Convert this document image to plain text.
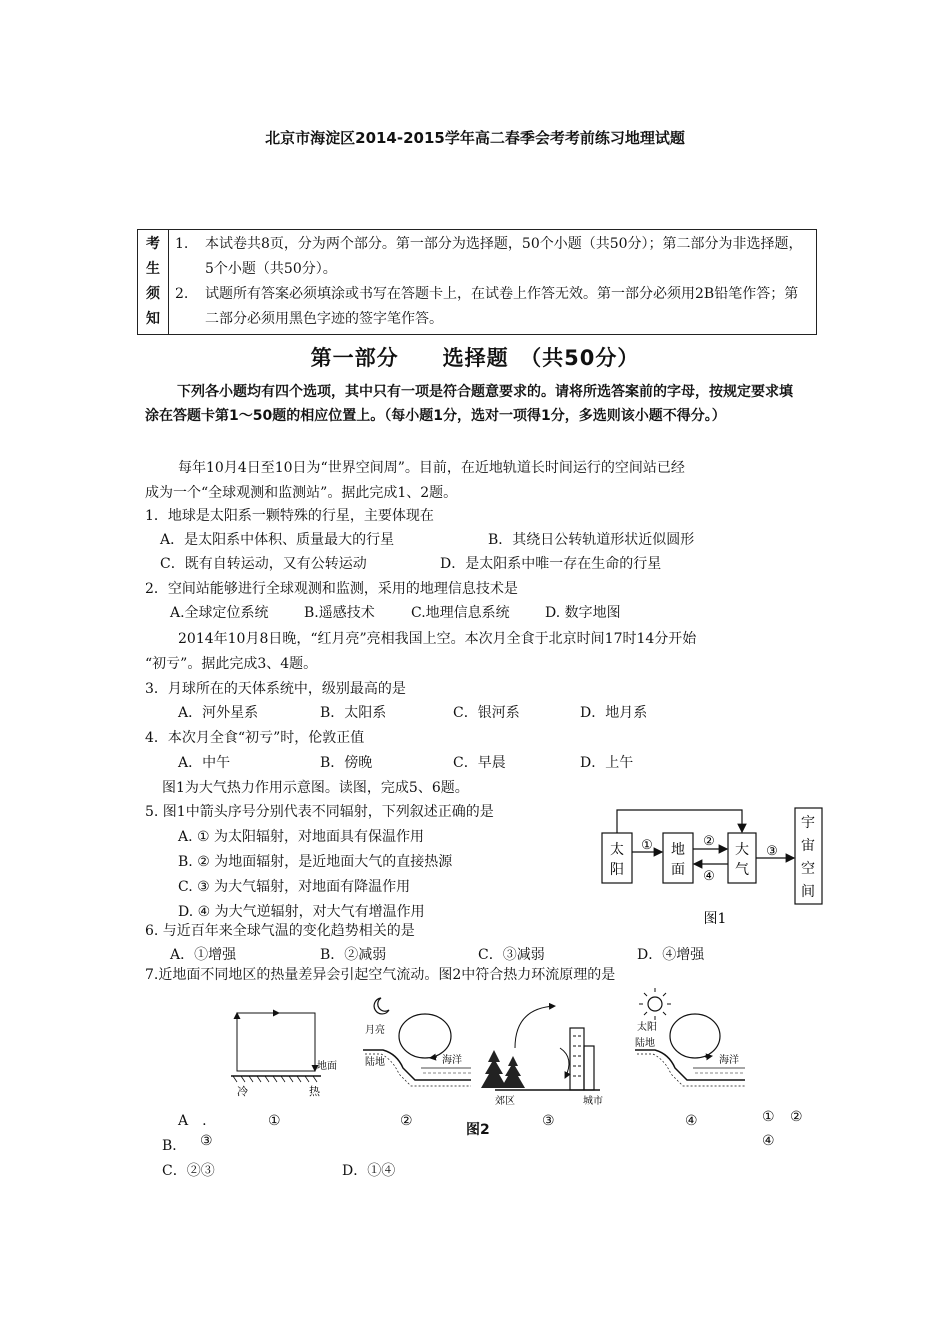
北京市海淀区2014-2015学年高二春季会考考前练习地理试题
考
生
须
知

1.	本试卷共8页，分为两个部分。第一部分为选择题，50个小题（共50分）；第二部分为非选择题，5个小题（共50分）。
2.	试题所有答案必须填涂或书写在答题卡上，在试卷上作答无效。第一部分必须用2B铅笔作答；第二部分必须用黑色字迹的签字笔作答。
第一部分　　选择题　（共50分）
下列各小题均有四个选项，其中只有一项是符合题意要求的。请将所选答案前的字母，按规定要求填涂在答题卡第1～50题的相应位置上。（每小题1分，选对一项得1分，多选则该小题不得分。）
每年10月4日至10日为“世界空间周”。目前，在近地轨道长时间运行的空间站已经
成为一个“全球观测和监测站”。据此完成1、2题。
1．地球是太阳系一颗特殊的行星，主要体现在
A．是太阳系中体积、质量最大的行星	B．其绕日公转轨道形状近似圆形
C．既有自转运动，又有公转运动	D．是太阳系中唯一存在生命的行星
2．空间站能够进行全球观测和监测，采用的地理信息技术是
A.全球定位系统	B.遥感技术	C.地理信息系统	D. 数字地图
2014年10月8日晚，“红月亮”亮相我国上空。本次月全食于北京时间17时14分开始
“初亏”。据此完成3、4题。
3．月球所在的天体系统中，级别最高的是
A．河外星系	B．太阳系	C．银河系	D．地月系
4．本次月全食“初亏”时，伦敦正值
A．中午	B．傍晚	C．早晨	D．上午
图1为大气热力作用示意图。读图，完成5、6题。
5. 图1中箭头序号分别代表不同辐射，下列叙述正确的是
A. ① 为太阳辐射，对地面具有保温作用
B. ② 为地面辐射，是近地面大气的直接热源
C. ③ 为大气辐射，对地面有降温作用
D. ④ 为大气逆辐射，对大气有增温作用
太
阳
地
面
大
气
宇
宙
空
间
①	②
④
③
图1
6. 与近百年来全球气温的变化趋势相关的是
A．①增强	B．②减弱	C．③减弱	D．④增强
7.近地面不同地区的热量差异会引起空气流动。图2中符合热力环流原理的是
地面
冷	热
月亮
陆地	海洋
郊区	城市
太阳
陆地
海洋
A　.	①	②	③	④	① ②
图2
B． ③	④
C．②③	D．①④
